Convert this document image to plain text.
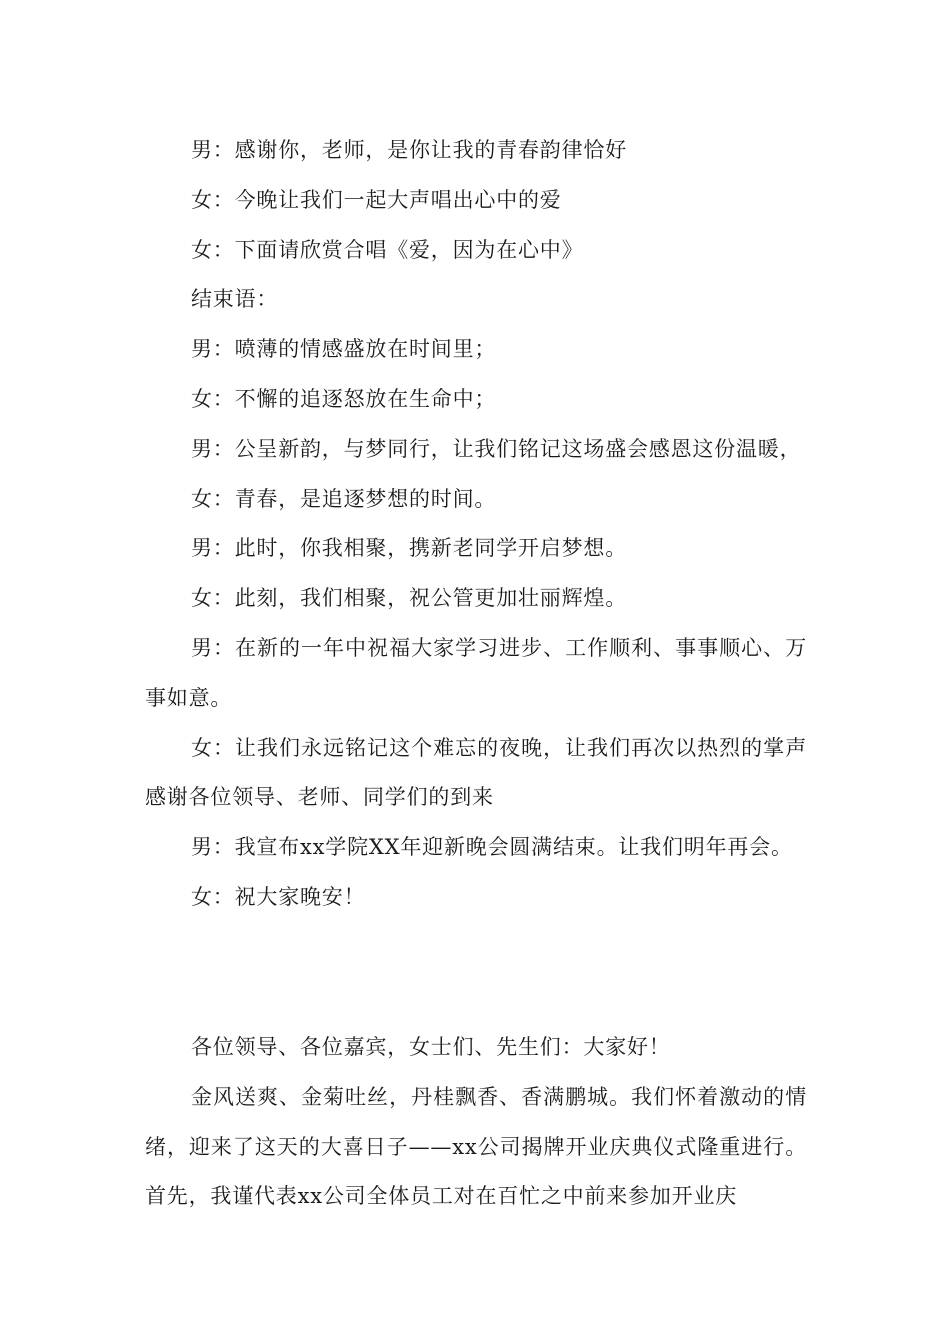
男：感谢你，老师，是你让我的青春韵律恰好

女：今晚让我们一起大声唱出心中的爱

女：下面请欣赏合唱《爱，因为在心中》

结束语：

男：喷薄的情感盛放在时间里；

女：不懈的追逐怒放在生命中；

男：公呈新韵，与梦同行，让我们铭记这场盛会感恩这份温暖，

女：青春，是追逐梦想的时间。

男：此时，你我相聚，携新老同学开启梦想。

女：此刻，我们相聚，祝公管更加壮丽辉煌。

男：在新的一年中祝福大家学习进步、工作顺利、事事顺心、万事如意。

女：让我们永远铭记这个难忘的夜晚，让我们再次以热烈的掌声感谢各位领导、老师、同学们的到来

男：我宣布xx学院XX年迎新晚会圆满结束。让我们明年再会。

女：祝大家晚安！

各位领导、各位嘉宾，女士们、先生们：大家好！

金风送爽、金菊吐丝，丹桂飘香、香满鹏城。我们怀着激动的情绪，迎来了这天的大喜日子——xx公司揭牌开业庆典仪式隆重进行。首先，我谨代表xx公司全体员工对在百忙之中前来参加开业庆
